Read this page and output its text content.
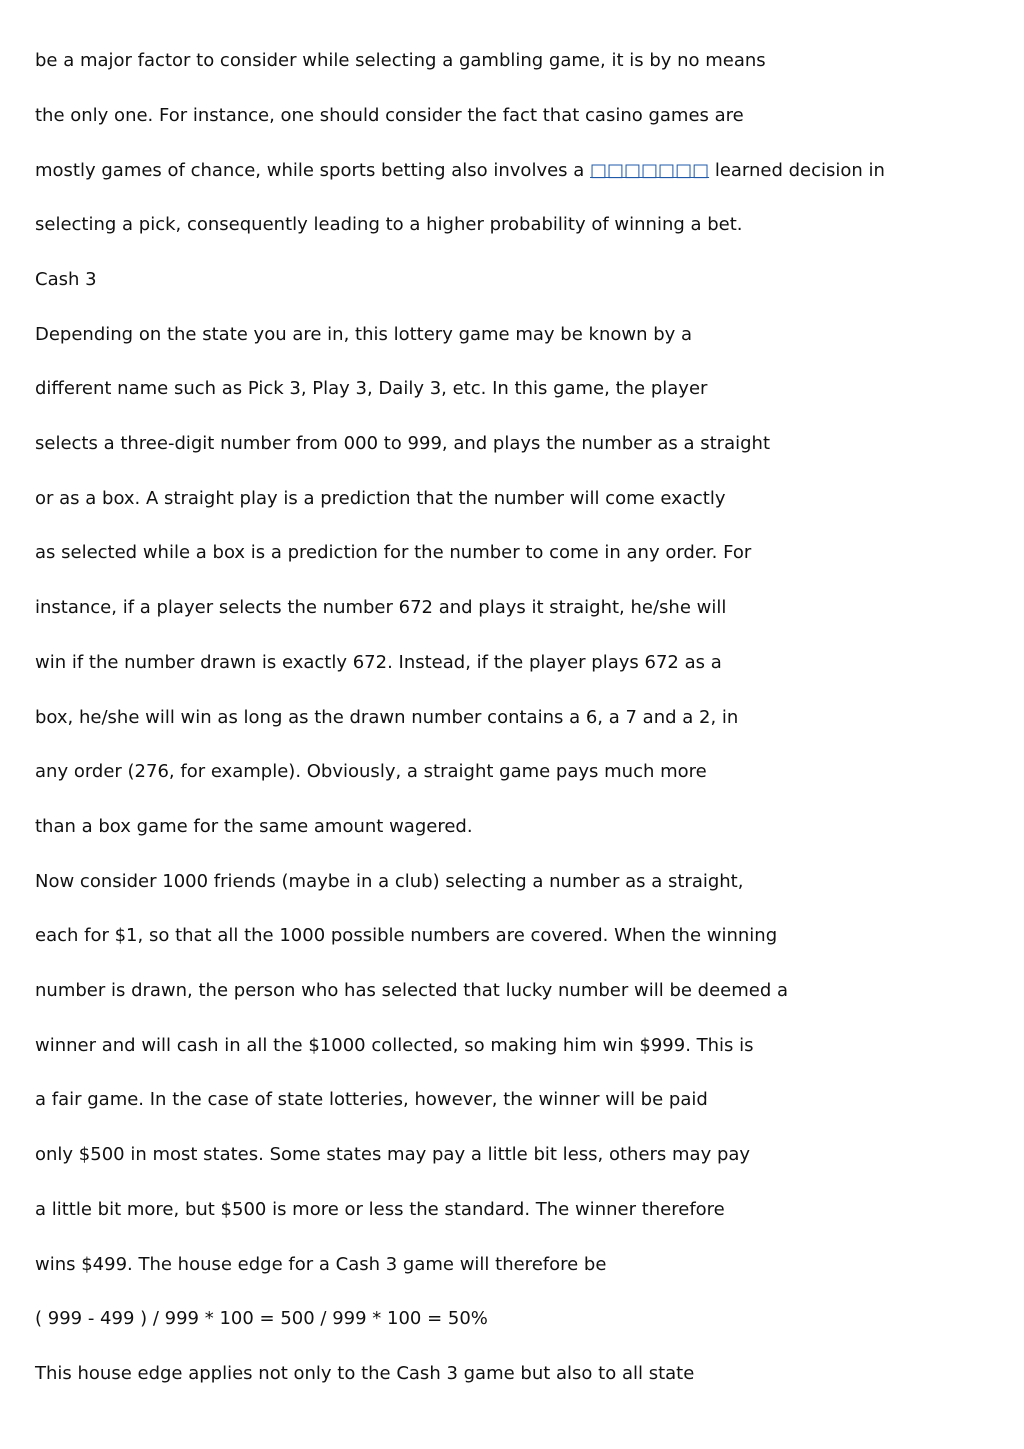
be a major factor to consider while selecting a gambling game, it is by no means
the only one. For instance, one should consider the fact that casino games are
mostly games of chance, while sports betting also involves a □□□□□□□ learned decision in
selecting a pick, consequently leading to a higher probability of winning a bet.
Cash 3
Depending on the state you are in, this lottery game may be known by a
different name such as Pick 3, Play 3, Daily 3, etc. In this game, the player
selects a three-digit number from 000 to 999, and plays the number as a straight
or as a box. A straight play is a prediction that the number will come exactly
as selected while a box is a prediction for the number to come in any order. For
instance, if a player selects the number 672 and plays it straight, he/she will
win if the number drawn is exactly 672. Instead, if the player plays 672 as a
box, he/she will win as long as the drawn number contains a 6, a 7 and a 2, in
any order (276, for example). Obviously, a straight game pays much more
than a box game for the same amount wagered.
Now consider 1000 friends (maybe in a club) selecting a number as a straight,
each for $1, so that all the 1000 possible numbers are covered. When the winning
number is drawn, the person who has selected that lucky number will be deemed a
winner and will cash in all the $1000 collected, so making him win $999. This is
a fair game. In the case of state lotteries, however, the winner will be paid
only $500 in most states. Some states may pay a little bit less, others may pay
a little bit more, but $500 is more or less the standard. The winner therefore
wins $499. The house edge for a Cash 3 game will therefore be
( 999 - 499 ) / 999 * 100 = 500 / 999 * 100 = 50%
This house edge applies not only to the Cash 3 game but also to all state
